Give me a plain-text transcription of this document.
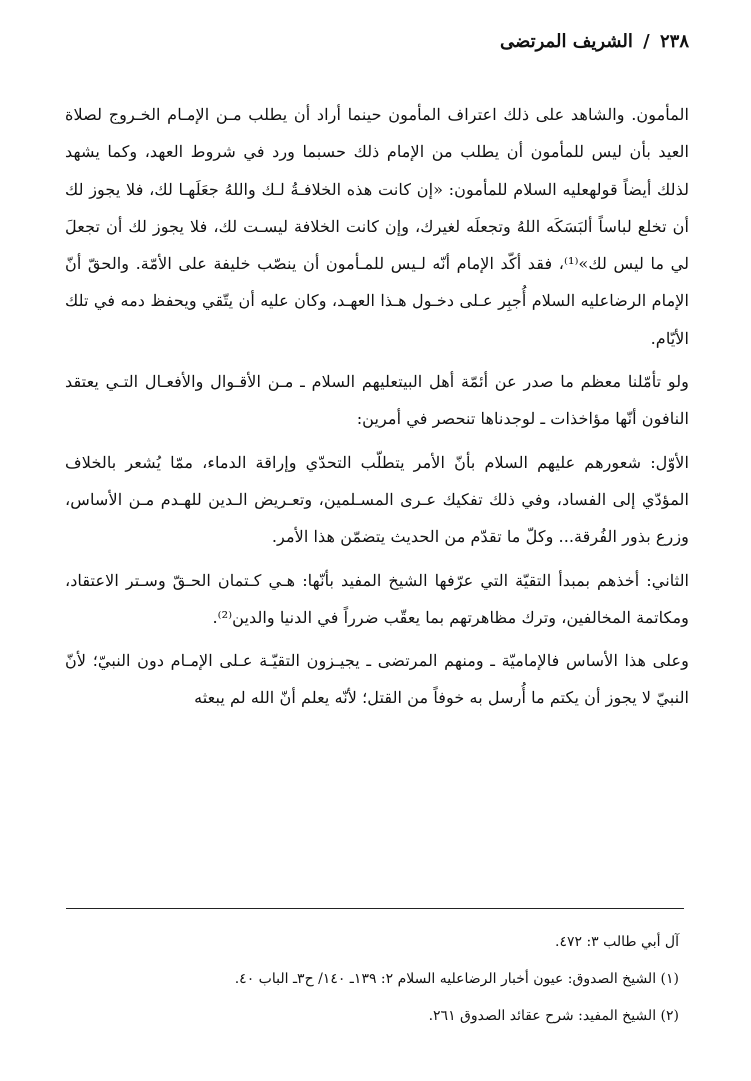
٢٣٨ / الشريف المرتضى

المأمون. والشاهد على ذلك اعتراف المأمون حينما أراد أن يطلب مـن الإمـام الخـروج لصلاة العيد بأن ليس للمأمون أن يطلب من الإمام ذلك حسبما ورد في شروط العهد، وكما يشهد لذلك أيضاً قولهعليه السلام للمأمون: «إن كانت هذه الخلافـةُ لـك واللهُ جعَلَهـا لك، فلا يجوز لك أن تخلع لباساً ألبَسَكَه اللهُ وتجعلَه لغيرك، وإن كانت الخلافة ليسـت لك، فلا يجوز لك أن تجعلَ لي ما ليس لك»⁽¹⁾، فقد أكّد الإمام أنّه لـيس للمـأمون أن ينصّب خليفة على الأمّة. والحقّ أنّ الإمام الرضاعليه السلام أُجبِر عـلى دخـول هـذا العهـد، وكان عليه أن يتّقي ويحفظ دمه في تلك الأيّام.

ولو تأمّلنا معظم ما صدر عن أئمّة أهل البيتعليهم السلام ـ مـن الأقـوال والأفعـال التـي يعتقد النافون أنّها مؤاخذات ـ لوجدناها تنحصر في أمرين:

الأوّل: شعورهم عليهم السلام بأنّ الأمر يتطلّب التحدّي وإراقة الدماء، ممّا يُشعر بالخلاف المؤدّي إلى الفساد، وفي ذلك تفكيك عـرى المسـلمين، وتعـريض الـدين للهـدم مـن الأساس، وزرع بذور الفُرقة... وكلّ ما تقدّم من الحديث يتضمّن هذا الأمر.

الثاني: أخذهم بمبدأ التقيّة التي عرّفها الشيخ المفيد بأنّها: هـي كـتمان الحـقّ وسـتر الاعتقاد، ومكاتمة المخالفين، وترك مظاهرتهم بما يعقّب ضرراً في الدنيا والدين⁽²⁾.

وعلى هذا الأساس فالإماميّة ـ ومنهم المرتضى ـ يجيـزون التقيّـة عـلى الإمـام دون النبيّ؛ لأنّ النبيّ لا يجوز أن يكتم ما أُرسل به خوفاً من القتل؛ لأنّه يعلم أنّ الله لم يبعثه

آل أبي طالب ٣: ٤٧٢.
(١) الشيخ الصدوق: عيون أخبار الرضاعليه السلام ٢: ١٣٩ـ ١٤٠/ ح٣ـ الباب ٤٠.
(٢) الشيخ المفيد: شرح عقائد الصدوق ٢٦١.
